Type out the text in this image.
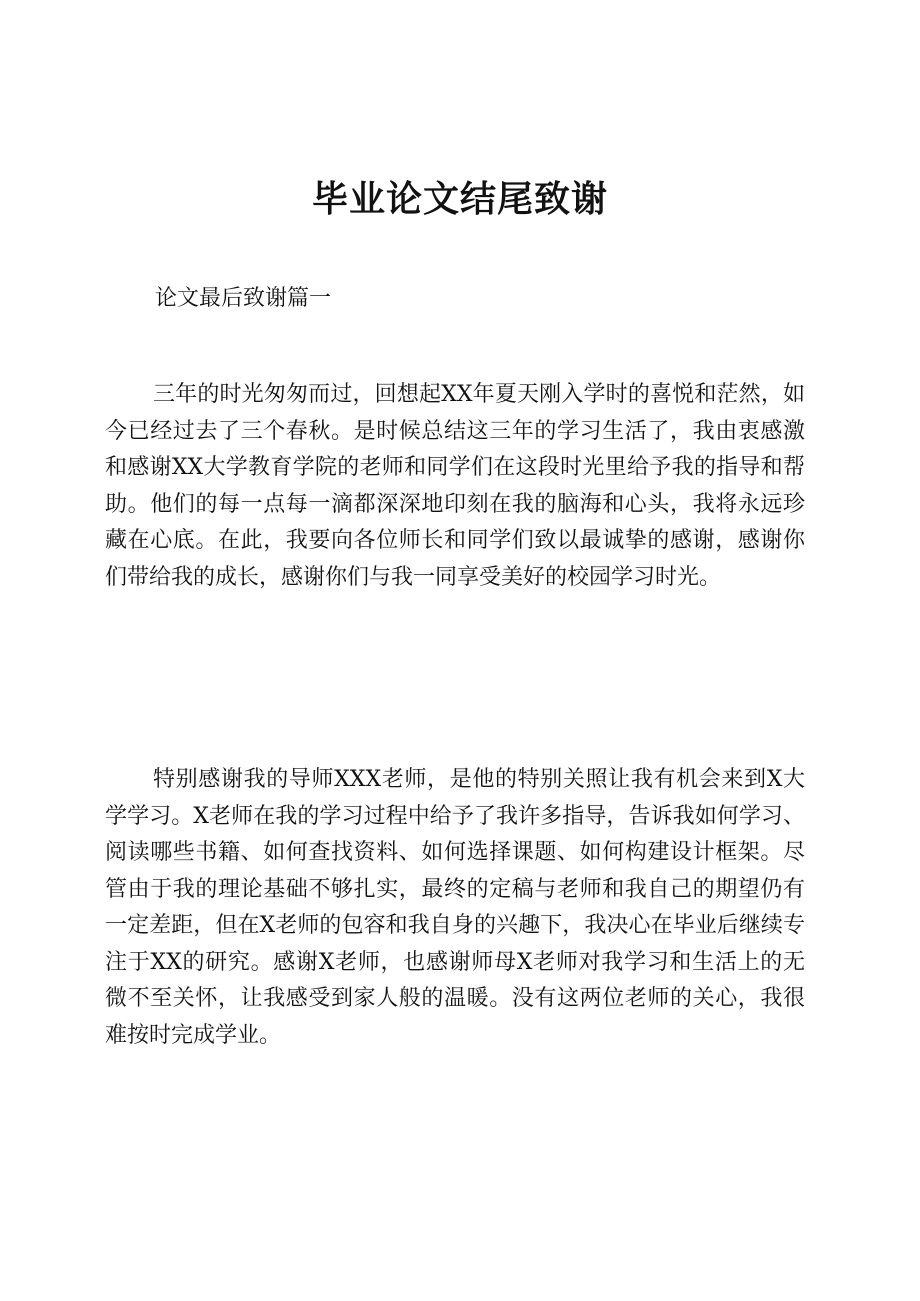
毕业论文结尾致谢
论文最后致谢篇一

三年的时光匆匆而过，回想起XX年夏天刚入学时的喜悦和茫然，如今已经过去了三个春秋。是时候总结这三年的学习生活了，我由衷感激和感谢XX大学教育学院的老师和同学们在这段时光里给予我的指导和帮助。他们的每一点每一滴都深深地印刻在我的脑海和心头，我将永远珍藏在心底。在此，我要向各位师长和同学们致以最诚挚的感谢，感谢你们带给我的成长，感谢你们与我一同享受美好的校园学习时光。

特别感谢我的导师XXX老师，是他的特别关照让我有机会来到X大学学习。X老师在我的学习过程中给予了我许多指导，告诉我如何学习、阅读哪些书籍、如何查找资料、如何选择课题、如何构建设计框架。尽管由于我的理论基础不够扎实，最终的定稿与老师和我自己的期望仍有一定差距，但在X老师的包容和我自身的兴趣下，我决心在毕业后继续专注于XX的研究。感谢X老师，也感谢师母X老师对我学习和生活上的无微不至关怀，让我感受到家人般的温暖。没有这两位老师的关心，我很难按时完成学业。
